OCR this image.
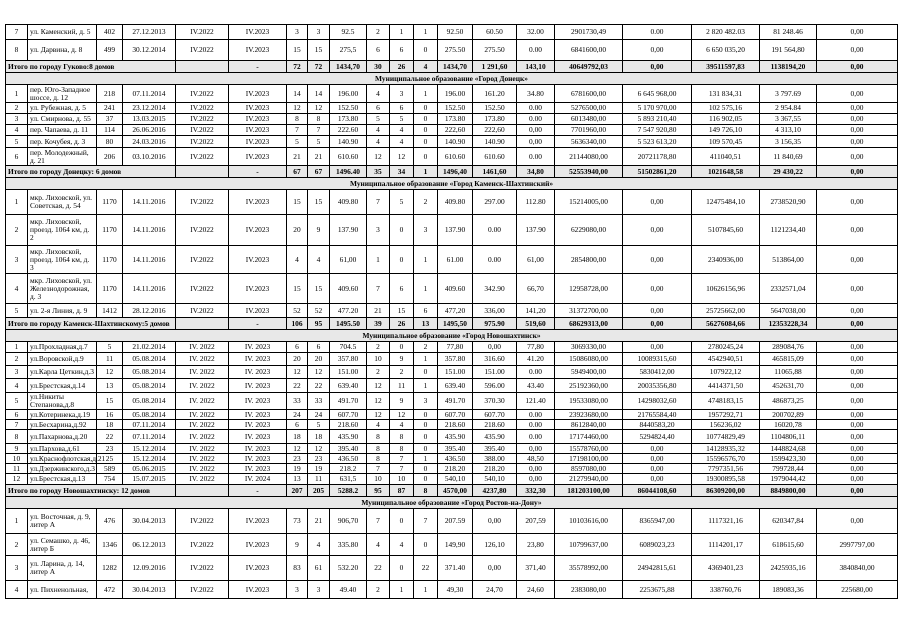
7	ул. Каменский, д. 5	402	27.12.2013	IV.2022	IV.2023	3	3	92.5	2	1	1	92.50	60.50	32.00	2901730,49	0.00	2 820 482.03	81 248.46	0,00
8	ул. Дарвина, д. 8	499	30.12.2014	IV.2022	IV.2023	15	15	275,5	6	6	0	275.50	275.50	0.00	6841600,00	0,00	6 650 035,20	191 564,80	0,00
Итого по городу Гуково:8 домов					-	72	72	1434,70	30	26	4	1434,70	1 291,60	143,10	40649792,03	0,00	39511597,83	1138194,20	0,00
Муниципальное образование «Город Донецк»																			
1	пер. Юго-Западное шоссе, д. 12	218	07.11.2014	IV.2022	IV.2023	14	14	196.00	4	3	1	196.00	161.20	34.80	6781600,00	6 645 968,00	131 834,31	3 797.69	0,00
2	ул. Рубежная, д. 5	241	23.12.2014	IV.2022	IV.2023	12	12	152.50	6	6	0	152.50	152.50	0.00	5276500,00	5 170 970,00	102 575,16	2 954.84	0,00
3	ул. Смирнова, д. 55	37	13.03.2015	IV.2022	IV.2023	8	8	173.80	5	5	0	173.80	173.80	0.00	6013480,00	5 893 210,40	116 902,05	3 367,55	0,00
4	пер. Чапаева, д. 11	114	26.06.2016	IV.2022	IV.2023	7	7	222.60	4	4	0	222,60	222,60	0,00	7701960,00	7 547 920,80	149 726,10	4 313,10	0,00
5	пер. Кочубея, д. 3	80	24.03.2016	IV.2022	IV.2023	5	5	140.90	4	4	0	140.90	140.90	0,00	5636340,00	5 523 613,20	109 570,45	3 156,35	0,00
6	пер. Молодежный, д. 21	206	03.10.2016	IV.2022	IV.2023	21	21	610.60	12	12	0	610.60	610.60	0.00	21144080,00	20721178,80	411040,51	11 840,69	0,00
Итого по городу Донецку: 6 домов					-	67	67	1496.40	35	34	1	1496,40	1461,60	34,80	52553940,00	51502861,20	1021648,58	29 430,22	0,00
Муниципальное образование «Город Каменск-Шахтинский»																			
1	мкр. Лиховской, ул. Советская, д. 54	1170	14.11.2016	IV.2022	IV.2023	15	15	409.80	7	5	2	409.80	297.00	112.80	15214005,00	0,00	12475484,10	2738520,90	0,00
2	мкр. Лиховской, проезд. 1064 км, д. 2	1170	14.11.2016	IV.2022	IV.2023	20	9	137.90	3	0	3	137.90	0.00	137.90	6229080,00	0,00	5107845,60	1121234,40	0,00
3	мкр. Лиховской, проезд. 1064 км, д. 3	1170	14.11.2016	IV.2022	IV.2023	4	4	61,00	1	0	1	61.00	0.00	61,00	2854800,00	0,00	2340936,00	513864,00	0,00
4	мкр. Лиховской, ул. Железнодорожная, д. 3	1170	14.11.2016	IV.2022	IV.2023	15	15	409.60	7	6	1	409.60	342.90	66,70	12958728,00	0,00	10626156,96	2332571,04	0,00
5	ул. 2-я Линия, д. 9	1412	28.12.2016	IV.2022	IV.2023	52	52	477.20	21	15	6	477,20	336,00	141,20	31372700,00	0,00	25725662,00	5647038,00	0,00
Итого по городу Каменск-Шахтинскому:5 домов					-	106	95	1495.50	39	26	13	1495,50	975.90	519,60	68629313,00	0,00	56276084,66	12353228,34	0,00
Муниципальное образование «Город Новошахтинск»																			
1	ул.Прохладная,д.7	5	21.02.2014	IV. 2022	IV. 2023	6	6	704.5	2	0	2	77,80	0,00	77,80	3069330,00	0,00	2780245,24	289084,76	0,00
2	ул.Воровской,д.9	11	05.08.2014	IV. 2022	IV. 2023	20	20	357.80	10	9	1	357.80	316.60	41.20	15086080,00	10089315,60	4542940,51	465815,09	0,00
3	ул.Карла Цеткин,д.3	12	05.08.2014	IV. 2022	IV. 2023	12	12	151.00	2	2	0	151.00	151.00	0.00	5949400,00	5830412,00	107922,12	11065,88	0,00
4	ул.Брестская,д.14	13	05.08.2014	IV. 2022	IV. 2023	22	22	639.40	12	11	1	639.40	596.00	43.40	25192360,00	20035356,80	4414371,50	452631,70	0,00
5	ул.Никиты Степанова,д.8	15	05.08.2014	IV. 2022	IV. 2023	33	33	491.70	12	9	3	491.70	370.30	121.40	19533080,00	14298032,60	4748183,15	486873,25	0,00
6	ул.Котеринека,д.19	16	05.08.2014	IV. 2022	IV. 2023	24	24	607.70	12	12	0	607.70	607.70	0.00	23923680,00	21765584,40	1957292,71	200702,89	0,00
7	ул.Бесхарина,д.92	18	07.11.2014	IV. 2022	IV. 2023	6	5	218.60	4	4	0	218.60	218.60	0.00	8612840,00	8440583,20	156236,02	16020,78	0,00
8	ул.Пахарнова,д.20	22	07.11.2014	IV. 2022	IV. 2023	18	18	435.90	8	8	0	435.90	435.90	0.00	17174460,00	5294824,40	10774829,49	1104806,11	0,00
9	ул.Пархова,д.61	23	15.12.2014	IV. 2022	IV. 2023	12	12	395.40	8	8	0	395.40	395.40	0,00	15578760,00	0,00	14128935,32	1448824,68	0,00
10	ул.Краснофлотская,д.21	25	15.12.2014	IV. 2022	IV. 2023	23	23	436.50	8	7	1	436.50	388.00	48,50	17198100,00	0,00	15596576,70	1599423,30	0,00
11	ул.Дзержинского,д.3	589	05.06.2015	IV. 2022	IV. 2023	19	19	218.2	7	7	0	218.20	218.20	0,00	8597080,00	0,00	7797351,56	799728,44	0,00
12	ул.Брестская,д.13	754	15.07.2015	IV. 2022	IV. 2024	13	11	631,5	10	10	0	540,10	540,10	0,00	21279940,00	0,00	19300895,58	1979044,42	0,00
Итого по городу Новошахтинску: 12 домов					-	207	205	5288.2	95	87	8	4570,00	4237,80	332,30	181203100,00	86044108,60	86309200,00	8849800,00	0,00
Муниципальное образование «Город Ростов-на-Дону»																			
1	ул. Восточная, д. 9, литер А	476	30.04.2013	IV.2022	IV.2023	73	21	906,70	7	0	7	207.59	0,00	207,59	10103616,00	8365947,00	1117321,16	620347,84	0,00
2	ул. Семашко, д. 46, литер Б	1346	06.12.2013	IV.2022	IV.2023	9	4	335.80	4	4	0	149,90	126,10	23,80	10799637,00	6089023,23	1114201,17	618615,60	2997797,00
3	ул. Ларина, д. 14, литер А	1282	12.09.2016	IV.2022	IV.2023	83	61	532.20	22	0	22	371.40	0,00	371,40	35578992,00	24942815,61	4369401,23	2425935,16	3840840,00
4	ул. Пихненольная,	472	30.04.2013	IV.2022	IV.2023	3	3	49.40	2	1	1	49,30	24,70	24,60	2383080,00	2253675,88	338760,76	189083,36	225680,00
